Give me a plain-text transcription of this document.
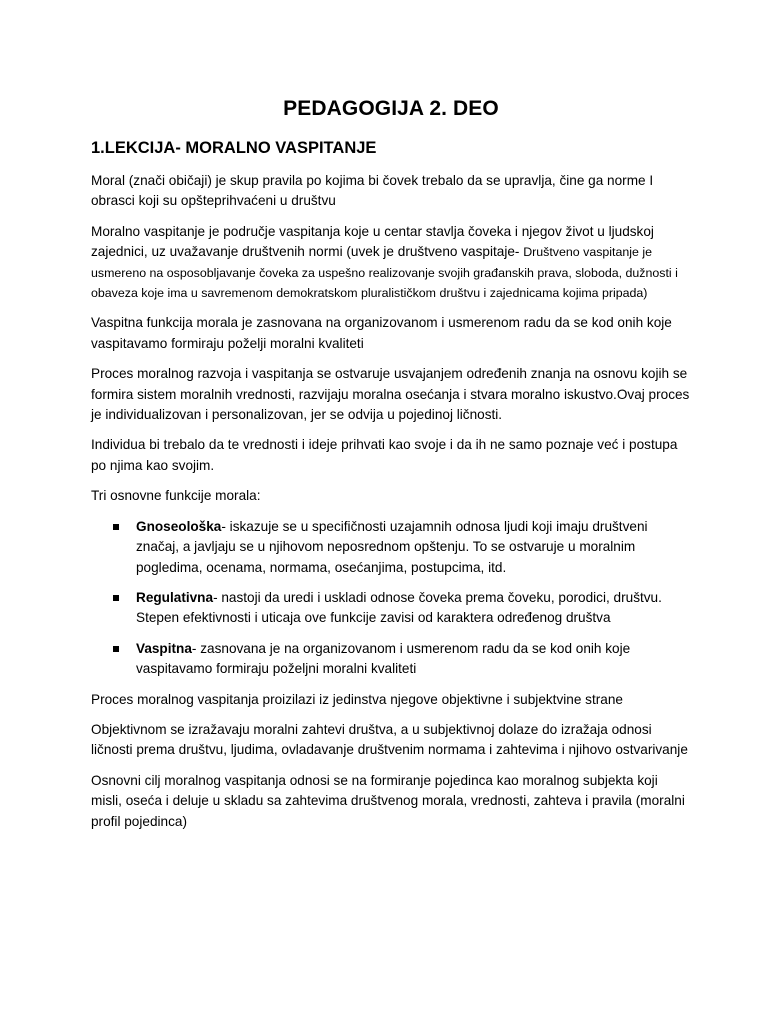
PEDAGOGIJA 2. DEO
1.LEKCIJA- MORALNO VASPITANJE

Moral (znači običaji) je skup pravila po kojima bi čovek trebalo da se upravlja, čine ga norme I obrasci koji su opšteprihvaćeni u društvu

Moralno vaspitanje je područje vaspitanja koje u centar stavlja čoveka i njegov život u ljudskoj zajednici, uz uvažavanje društvenih normi (uvek je društveno vaspitaje- Društveno vaspitanje je usmereno na osposobljavanje čoveka za uspešno realizovanje svojih građanskih prava, sloboda, dužnosti i obaveza koje ima u savremenom demokratskom pluralističkom društvu i zajednicama kojima pripada)

Vaspitna funkcija morala je zasnovana na organizovanom i usmerenom radu da se kod onih koje vaspitavamo formiraju poželji moralni kvaliteti

Proces moralnog razvoja i vaspitanja se ostvaruje usvajanjem određenih znanja na osnovu kojih se formira sistem moralnih vrednosti, razvijaju moralna osećanja i stvara moralno iskustvo.Ovaj proces je individualizovan i personalizovan, jer se odvija u pojedinoj ličnosti.

Individua bi trebalo da te vrednosti i ideje prihvati kao svoje i da ih ne samo poznaje već i postupa po njima kao svojim.

Tri osnovne funkcije morala:

Gnoseološka- iskazuje se u specifičnosti uzajamnih odnosa ljudi koji imaju društveni značaj, a javljaju se u njihovom neposrednom opštenju. To se ostvaruje u moralnim pogledima, ocenama, normama, osećanjima, postupcima, itd.
Regulativna- nastoji da uredi i uskladi odnose čoveka prema čoveku, porodici, društvu. Stepen efektivnosti i uticaja ove funkcije zavisi od karaktera određenog društva
Vaspitna- zasnovana je na organizovanom i usmerenom radu da se kod onih koje vaspitavamo formiraju poželjni moralni kvaliteti

Proces moralnog vaspitanja proizilazi iz jedinstva njegove objektivne i subjektvine strane

Objektivnom se izražavaju moralni zahtevi društva, a u subjektivnoj dolaze do izražaja odnosi ličnosti prema društvu, ljudima, ovladavanje društvenim normama i zahtevima i njihovo ostvarivanje

Osnovni cilj moralnog vaspitanja odnosi se na formiranje pojedinca kao moralnog subjekta koji misli, oseća i deluje u skladu sa zahtevima društvenog morala, vrednosti, zahteva i pravila (moralni profil pojedinca)
